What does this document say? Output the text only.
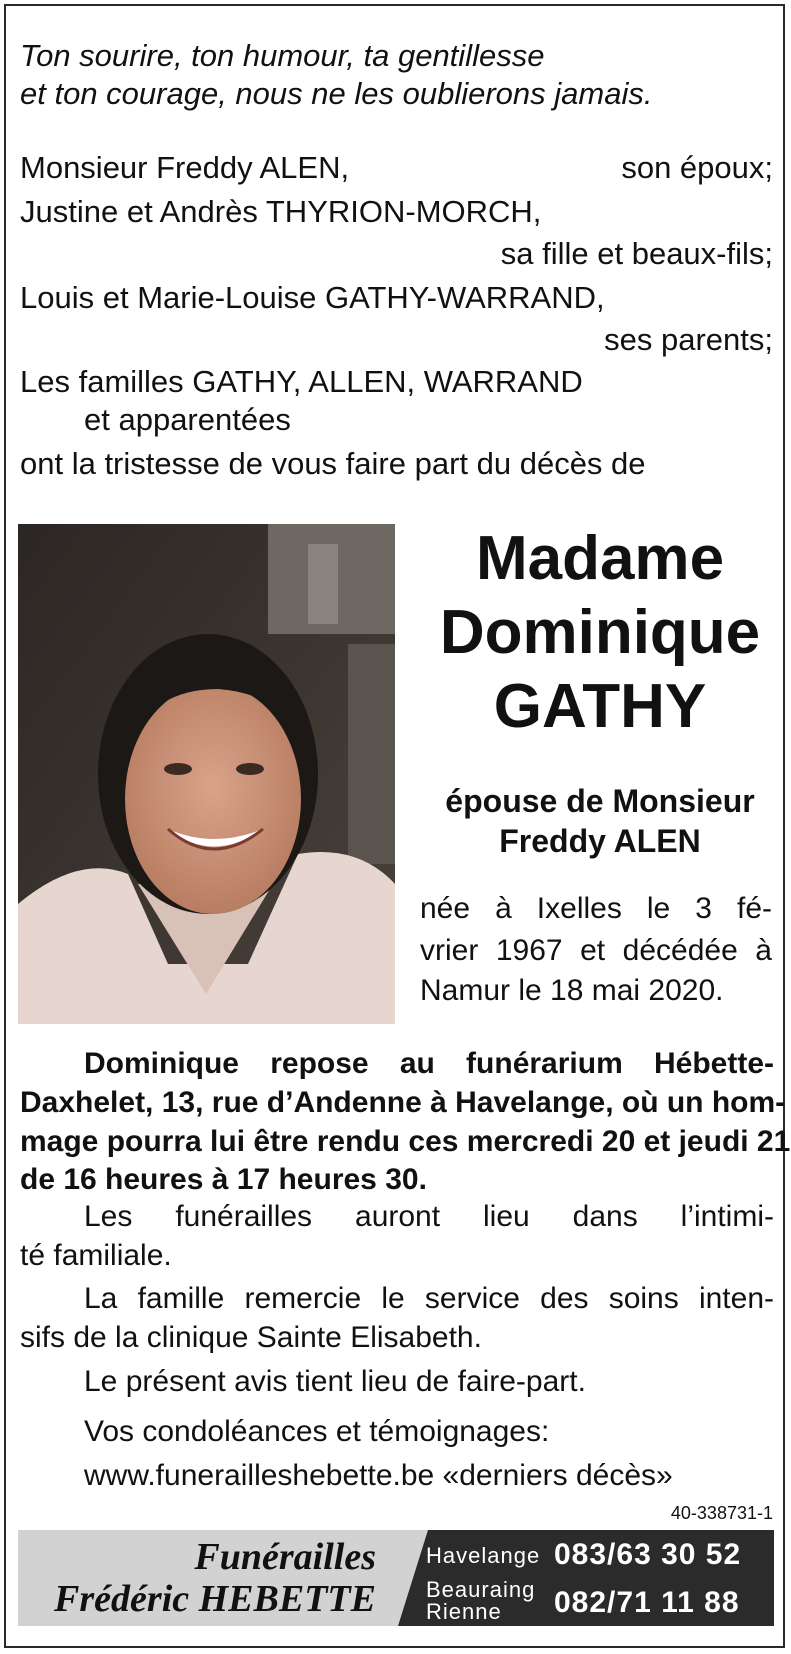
Ton sourire, ton humour, ta gentillesse
et ton courage, nous ne les oublierons jamais.
Monsieur Freddy ALEN,	son époux;
Justine et Andrès THYRION-MORCH,
sa fille et beaux-fils;
Louis et Marie-Louise GATHY-WARRAND,
ses parents;
Les familles GATHY, ALLEN, WARRAND
et apparentées
ont la tristesse de vous faire part du décès de
Madame
Dominique
GATHY
épouse de Monsieur
Freddy ALEN
née à Ixelles le 3 fé-
vrier 1967 et décédée à
Namur le 18 mai 2020.
Dominique repose au funérarium Hébette-
Daxhelet, 13, rue d’Andenne à Havelange, où un hom-
mage pourra lui être rendu ces mercredi 20 et jeudi 21
de 16 heures à 17 heures 30.
Les funérailles auront lieu dans l’intimi-
té familiale.
La famille remercie le service des soins inten-
sifs de la clinique Sainte Elisabeth.
Le présent avis tient lieu de faire-part.
Vos condoléances et témoignages:
www.funerailleshebette.be «derniers décès»
40-338731-1
Funérailles
Frédéric HEBETTE
Havelange 083/63 30 52
Beauraing
Rienne 082/71 11 88
